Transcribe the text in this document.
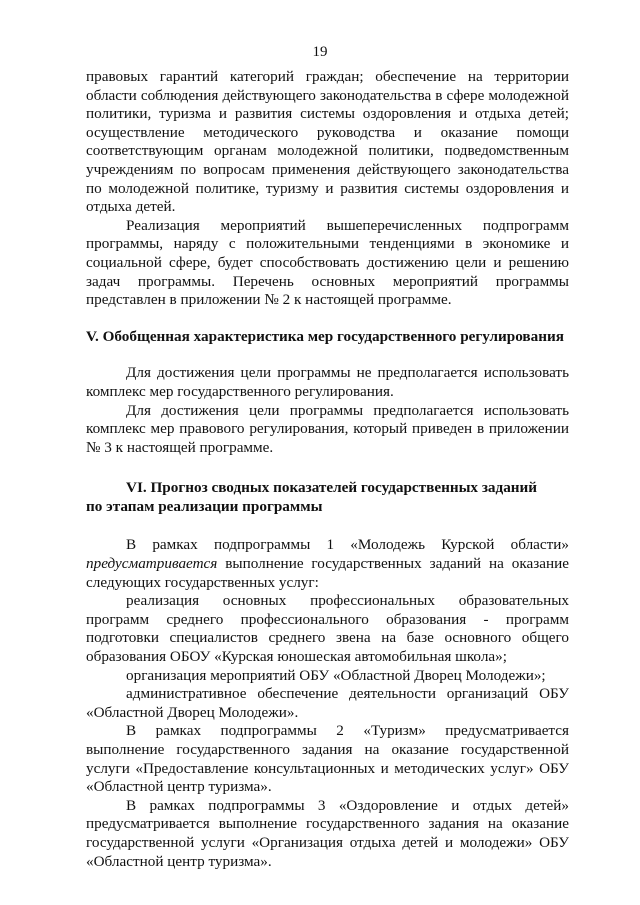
19

правовых гарантий категорий граждан; обеспечение на территории области соблюдения действующего законодательства в сфере молодежной политики, туризма и развития системы оздоровления и отдыха детей; осуществление методического руководства и оказание помощи соответствующим органам молодежной политики, подведомственным учреждениям по вопросам применения действующего законодательства по молодежной политике, туризму и развития системы оздоровления и отдыха детей.

Реализация мероприятий вышеперечисленных подпрограмм программы, наряду с положительными тенденциями в экономике и социальной сфере, будет способствовать достижению цели и решению задач программы. Перечень основных мероприятий программы представлен в приложении № 2 к настоящей программе.

V. Обобщенная характеристика мер государственного регулирования

Для достижения цели программы не предполагается использовать комплекс мер государственного регулирования.

Для достижения цели программы предполагается использовать комплекс мер правового регулирования, который приведен в приложении № 3 к настоящей программе.

VI. Прогноз сводных показателей государственных заданий
по этапам реализации программы

В рамках подпрограммы 1 «Молодежь Курской области» предусматривается выполнение государственных заданий на оказание следующих государственных услуг:

реализация основных профессиональных образовательных программ среднего профессионального образования - программ подготовки специалистов среднего звена на базе основного общего образования ОБОУ «Курская юношеская автомобильная школа»;

организация мероприятий ОБУ «Областной Дворец Молодежи»;

административное обеспечение деятельности организаций ОБУ «Областной Дворец Молодежи».

В рамках подпрограммы 2 «Туризм» предусматривается выполнение государственного задания на оказание государственной услуги «Предоставление консультационных и методических услуг» ОБУ «Областной центр туризма».

В рамках подпрограммы 3 «Оздоровление и отдых детей» предусматривается выполнение государственного задания на оказание государственной услуги «Организация отдыха детей и молодежи» ОБУ «Областной центр туризма».
